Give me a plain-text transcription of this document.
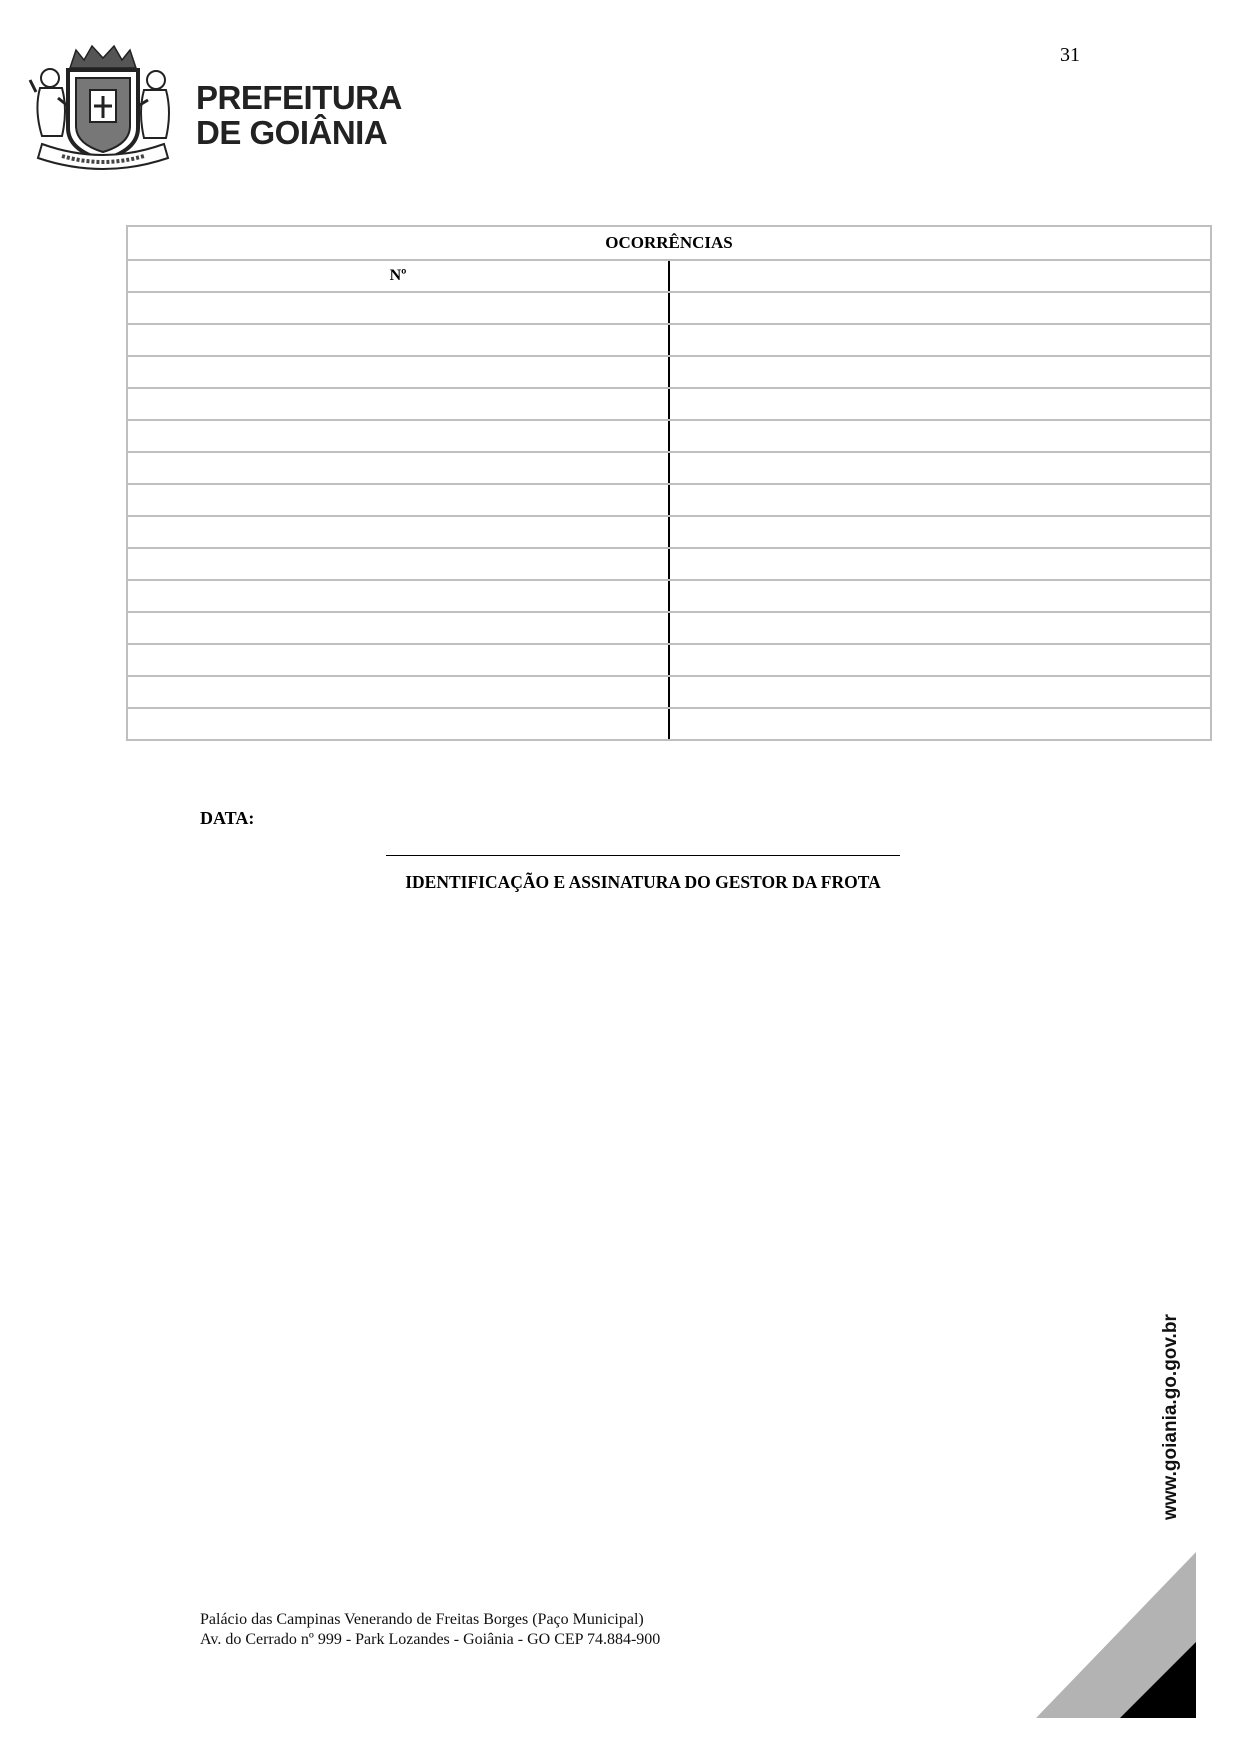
31
PREFEITURA
DE GOIÂNIA
OCORRÊNCIAS	
Nº	

DATA:
IDENTIFICAÇÃO E ASSINATURA DO GESTOR DA FROTA
www.goiania.go.gov.br
Palácio das Campinas Venerando de Freitas Borges (Paço Municipal)
Av. do Cerrado nº 999 - Park Lozandes - Goiânia - GO CEP 74.884-900
